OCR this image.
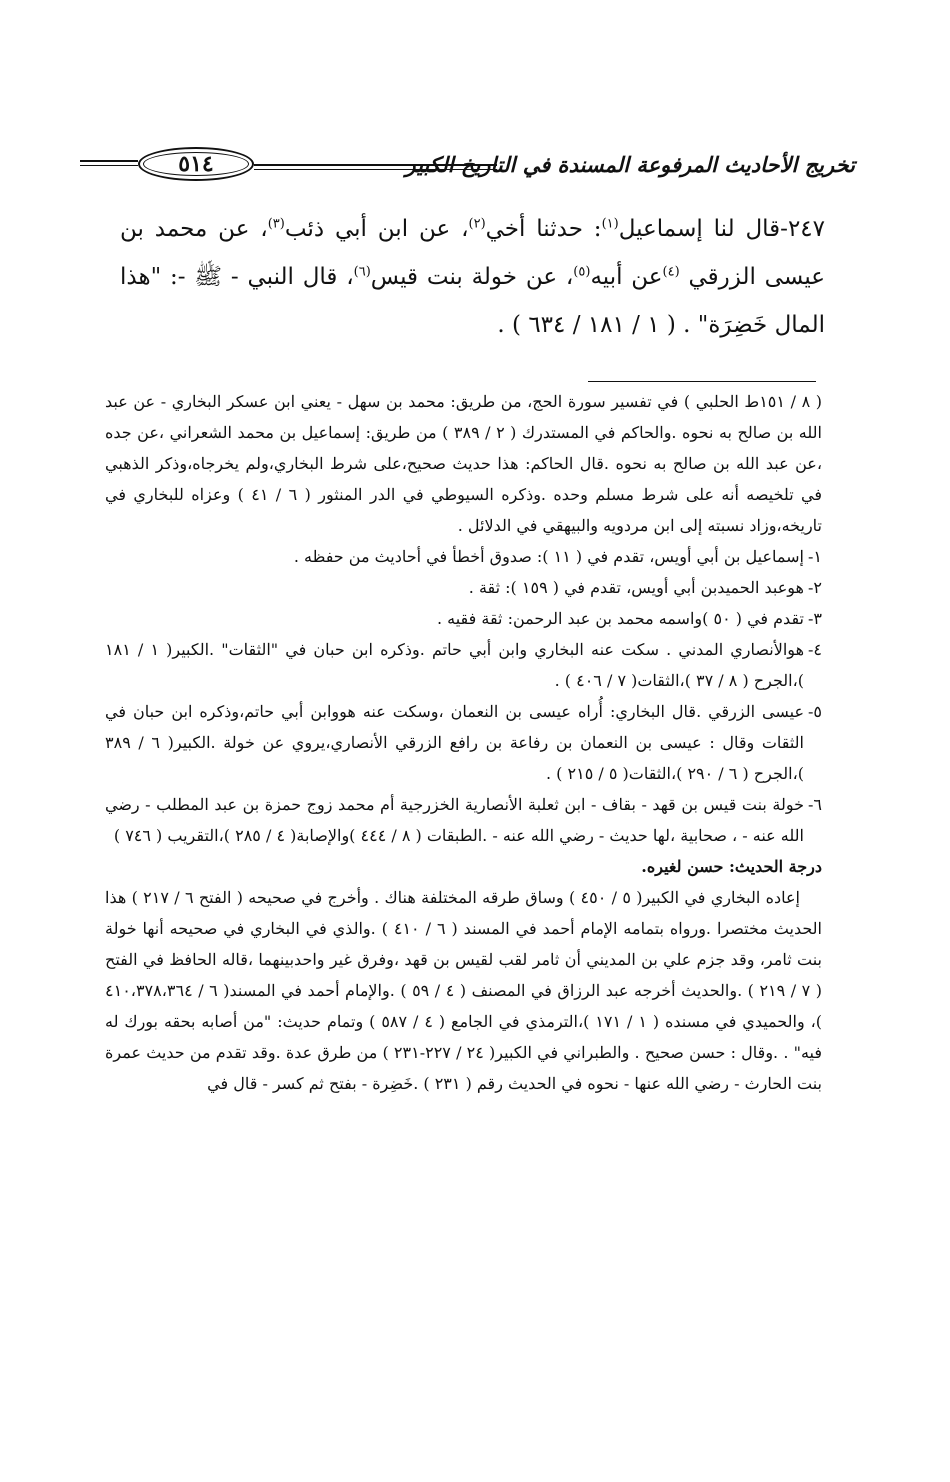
تخريج الأحاديث المرفوعة المسندة في التاريخ الكبير
٥١٤

٢٤٧-قال لنا إسماعيل$^{(١)}$: حدثنا أخي$^{(٢)}$، عن ابن أبي ذئب$^{(٣)}$، عن محمد بن عيسى الزرقي $^{(٤)}$عن أبيه$^{(٥)}$، عن خولة بنت قيس$^{(٦)}$، قال النبي - ﷺ -: "هذا المال خَضِرَة" . ( ١ / ١٨١ / ٦٣٤ ) .

( ٨ / ١٥١ط الحلبي ) في تفسير سورة الحج، من طريق: محمد بن سهل - يعني ابن عسكر البخاري - عن عبد الله بن صالح به نحوه .والحاكم في المستدرك ( ٢ / ٣٨٩ ) من طريق: إسماعيل بن محمد الشعراني ،عن جده ،عن عبد الله بن صالح به نحوه .قال الحاكم: هذا حديث صحيح،على شرط البخاري،ولم يخرجاه،وذكر الذهبي في تلخيصه أنه على شرط مسلم وحده .وذكره السيوطي في الدر المنثور ( ٦ / ٤١ ) وعزاه للبخاري في تاريخه،وزاد نسبته إلى ابن مردويه والبيهقي في الدلائل .

١-
إسماعيل بن أبي أويس، تقدم في ( ١١ ): صدوق أخطأ في أحاديث من حفظه .
٢-
هوعبد الحميدبن أبي أويس، تقدم في ( ١٥٩ ): ثقة .
٣-
تقدم في ( ٥٠ )واسمه محمد بن عبد الرحمن: ثقة فقيه .
٤-
هوالأنصاري المدني . سكت عنه البخاري وابن أبي حاتم .وذكره ابن حبان في "الثقات" .الكبير( ١ / ١٨١ )،الجرح ( ٨ / ٣٧ )،الثقات( ٧ / ٤٠٦ ) .
٥-
عيسى الزرقي .قال البخاري: أُراه عيسى بن النعمان ،وسكت عنه هووابن أبي حاتم،وذكره ابن حبان في الثقات وقال : عيسى بن النعمان بن رفاعة بن رافع الزرقي الأنصاري،يروي عن خولة .الكبير( ٦ / ٣٨٩ )،الجرح ( ٦ / ٢٩٠ )،الثقات( ٥ / ٢١٥ ) .
٦-
خولة بنت قيس بن قهد - بقاف - ابن ثعلبة الأنصارية الخزرجية أم محمد زوج حمزة بن عبد المطلب - رضي الله عنه - ، صحابية ،لها حديث - رضي الله عنه - .الطبقات ( ٨ / ٤٤٤ )والإصابة( ٤ / ٢٨٥ )،التقريب ( ٧٤٦ )

درجة الحديث: حسن لغيره.

إعاده البخاري في الكبير( ٥ / ٤٥٠ ) وساق طرقه المختلفة هناك . وأخرج في صحيحه ( الفتح ٦ / ٢١٧ ) هذا الحديث مختصرا .ورواه بتمامه الإمام أحمد في المسند ( ٦ / ٤١٠ ) .والذي في البخاري في صحيحه أنها خولة بنت ثامر، وقد جزم علي بن المديني أن ثامر لقب لقيس بن قهد ،وفرق غير واحدبينهما ،قاله الحافظ في الفتح ( ٧ / ٢١٩ ) .والحديث أخرجه عبد الرزاق في المصنف ( ٤ / ٥٩ ) .والإمام أحمد في المسند( ٦ / ٤١٠،٣٧٨،٣٦٤ )، والحميدي في مسنده ( ١ / ١٧١ )،الترمذي في الجامع ( ٤ / ٥٨٧ ) وتمام حديث: "من أصابه بحقه بورك له فيه" . .وقال : حسن صحيح . والطبراني في الكبير( ٢٤ / ٢٢٧-٢٣١ ) من طرق عدة .وقد تقدم من حديث عمرة بنت الحارث - رضي الله عنها - نحوه في الحديث رقم ( ٢٣١ ) .خَضِرة - بفتح ثم كسر - قال في
